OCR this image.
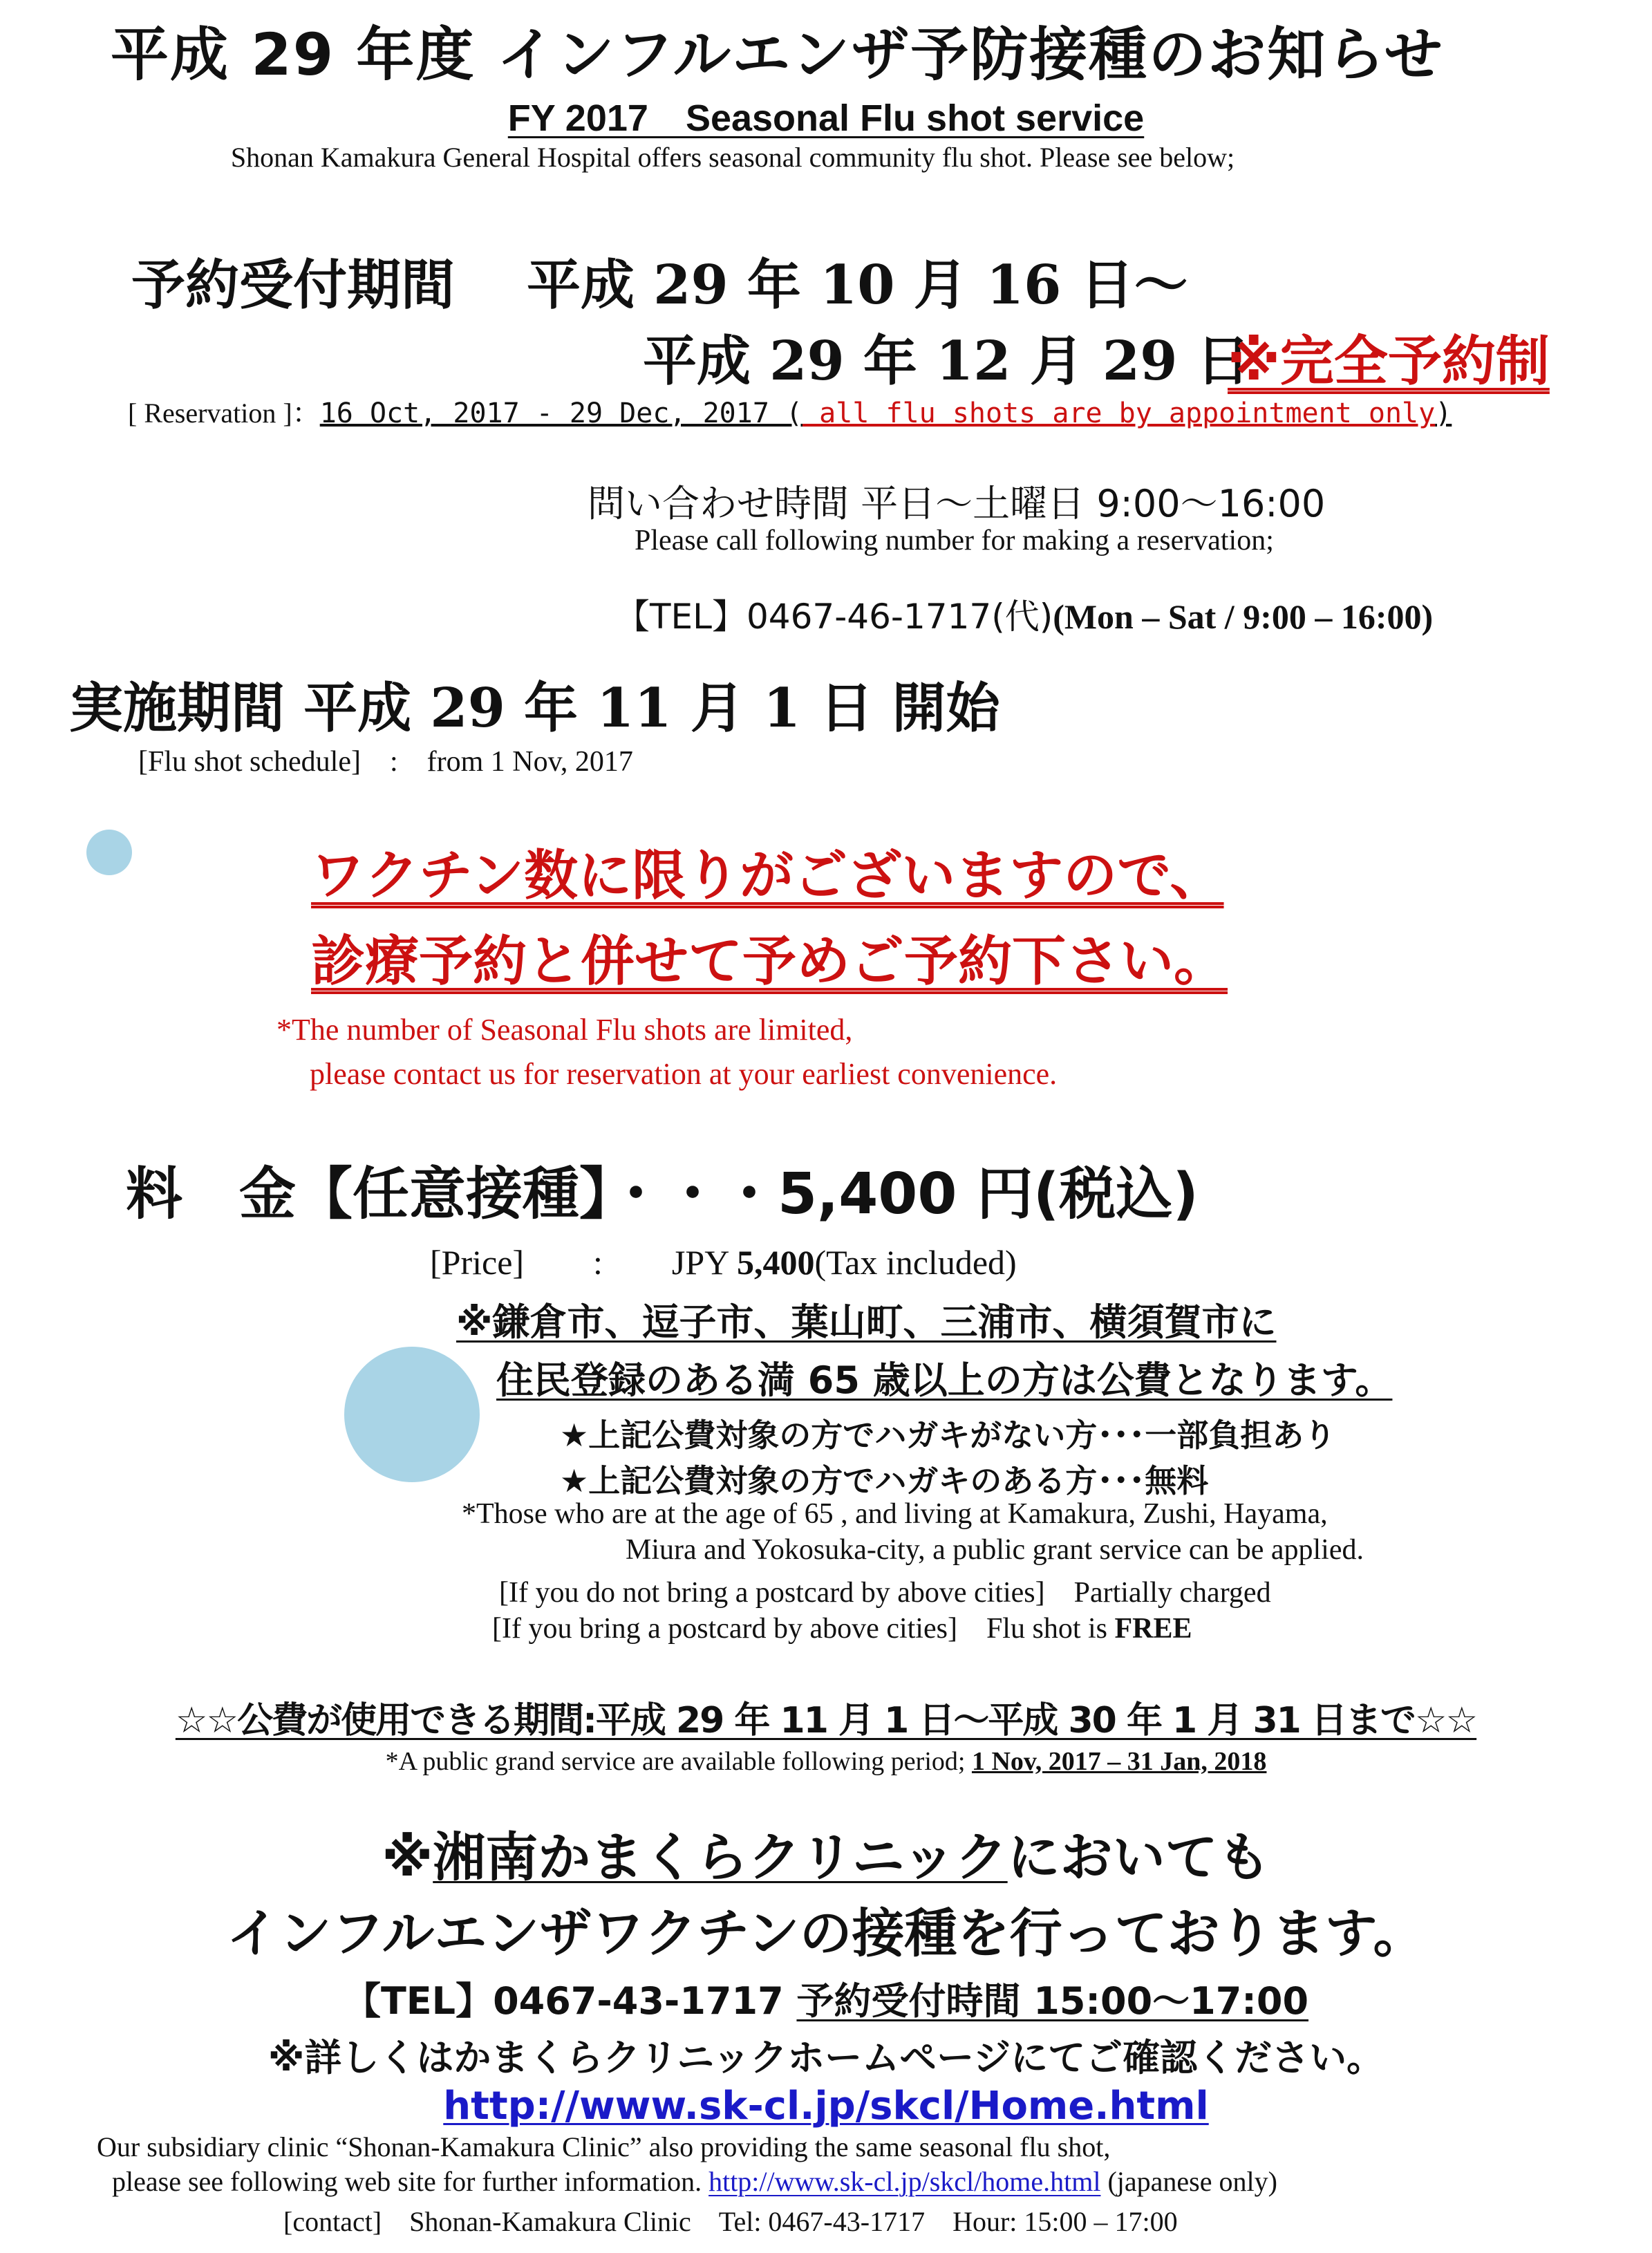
平成 29 年度 インフルエンザ予防接種のお知らせ
FY 2017　Seasonal Flu shot service
Shonan Kamakura General Hospital offers seasonal community flu shot. Please see below;
予約受付期間 平成 29 年 10 月 16 日～
平成 29 年 12 月 29 日
※完全予約制
[ Reservation ]：16 Oct, 2017 - 29 Dec, 2017 ( all flu shots are by appointment only)
問い合わせ時間 平日～土曜日 9:00～16:00
Please call following number for making a reservation;
【TEL】0467-46-1717(代)(Mon – Sat / 9:00 – 16:00)
実施期間 平成 29 年 11 月 1 日 開始
[Flu shot schedule]　:　from 1 Nov, 2017
ワクチン数に限りがございますので、
診療予約と併せて予めご予約下さい。
*The number of Seasonal Flu shots are limited,
please contact us for reservation at your earliest convenience.
料　金【任意接種】・・・5,400 円(税込)
[Price]　　:　　JPY 5,400(Tax included)
※鎌倉市、逗子市、葉山町、三浦市、横須賀市に
住民登録のある満 65 歳以上の方は公費となります。
★上記公費対象の方でハガキがない方･･･一部負担あり
★上記公費対象の方でハガキのある方･･･無料
*Those who are at the age of 65 , and living at Kamakura, Zushi, Hayama,
Miura and Yokosuka-city, a public grant service can be applied.
[If you do not bring a postcard by above cities]　Partially charged
[If you bring a postcard by above cities]　Flu shot is FREE
☆☆公費が使用できる期間:平成 29 年 11 月 1 日～平成 30 年 1 月 31 日まで☆☆
*A public grand service are available following period; 1 Nov, 2017 – 31 Jan, 2018
※湘南かまくらクリニックにおいても
インフルエンザワクチンの接種を行っております。
【TEL】0467-43-1717 予約受付時間 15:00～17:00
※詳しくはかまくらクリニックホームページにてご確認ください。
http://www.sk-cl.jp/skcl/Home.html
Our subsidiary clinic “Shonan-Kamakura Clinic” also providing the same seasonal flu shot,
please see following web site for further information. http://www.sk-cl.jp/skcl/home.html (japanese only)
[contact]　Shonan-Kamakura Clinic　Tel: 0467-43-1717　Hour: 15:00 – 17:00
